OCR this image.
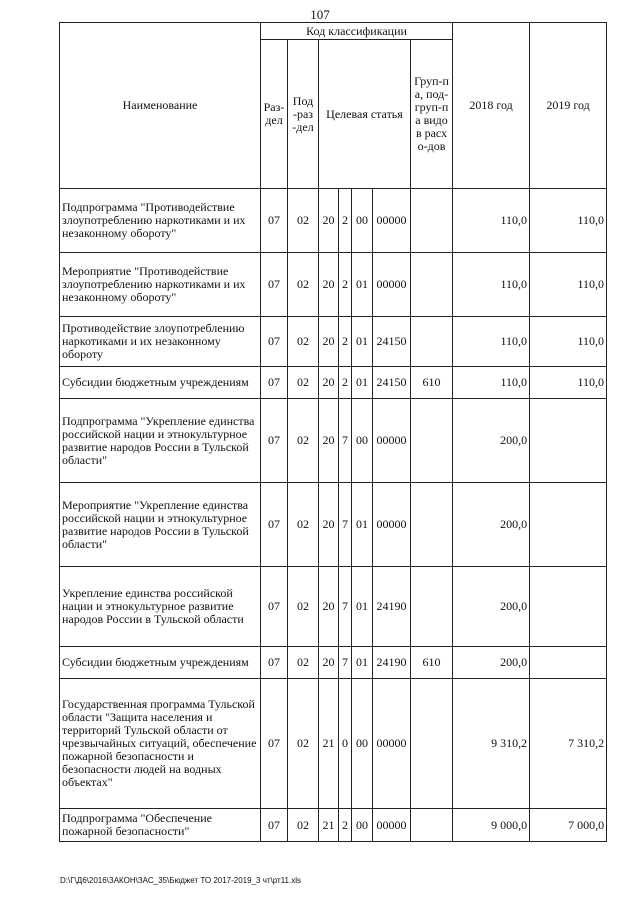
107
Наименование	Код классификации							2018 год	2019 год

	Раз-дел	Под-раз-дел	Целевая статья				Груп-па, под-груп-па видов расхо-дов		

Подпрограмма "Противодействие злоупотреблению наркотиками и их незаконному обороту"	07	02	20	2	00	00000		110,0	110,0
Мероприятие "Противодействие злоупотреблению наркотиками и их незаконному обороту"	07	02	20	2	01	00000		110,0	110,0
Противодействие злоупотреблению наркотиками и их незаконному обороту	07	02	20	2	01	24150		110,0	110,0
Субсидии бюджетным учреждениям	07	02	20	2	01	24150	610	110,0	110,0
Подпрограмма "Укрепление единства российской нации и этнокультурное развитие народов России в Тульской области"	07	02	20	7	00	00000		200,0	
Мероприятие "Укрепление единства российской нации и этнокультурное развитие народов России в Тульской области"	07	02	20	7	01	00000		200,0	
Укрепление единства российской нации и этнокультурное развитие народов России в Тульской области	07	02	20	7	01	24190		200,0	
Субсидии бюджетным учреждениям	07	02	20	7	01	24190	610	200,0	
Государственная программа Тульской области "Защита населения и территорий Тульской области от чрезвычайных ситуаций, обеспечение пожарной безопасности и безопасности людей на водных объектах"	07	02	21	0	00	00000		9 310,2	7 310,2
Подпрограмма "Обеспечение пожарной безопасности"	07	02	21	2	00	00000		9 000,0	7 000,0
D:\Г\Д6\2016\ЗАКОН\ЗАС_35\Бюджет ТО 2017-2019_3 чт\рт11.xls
